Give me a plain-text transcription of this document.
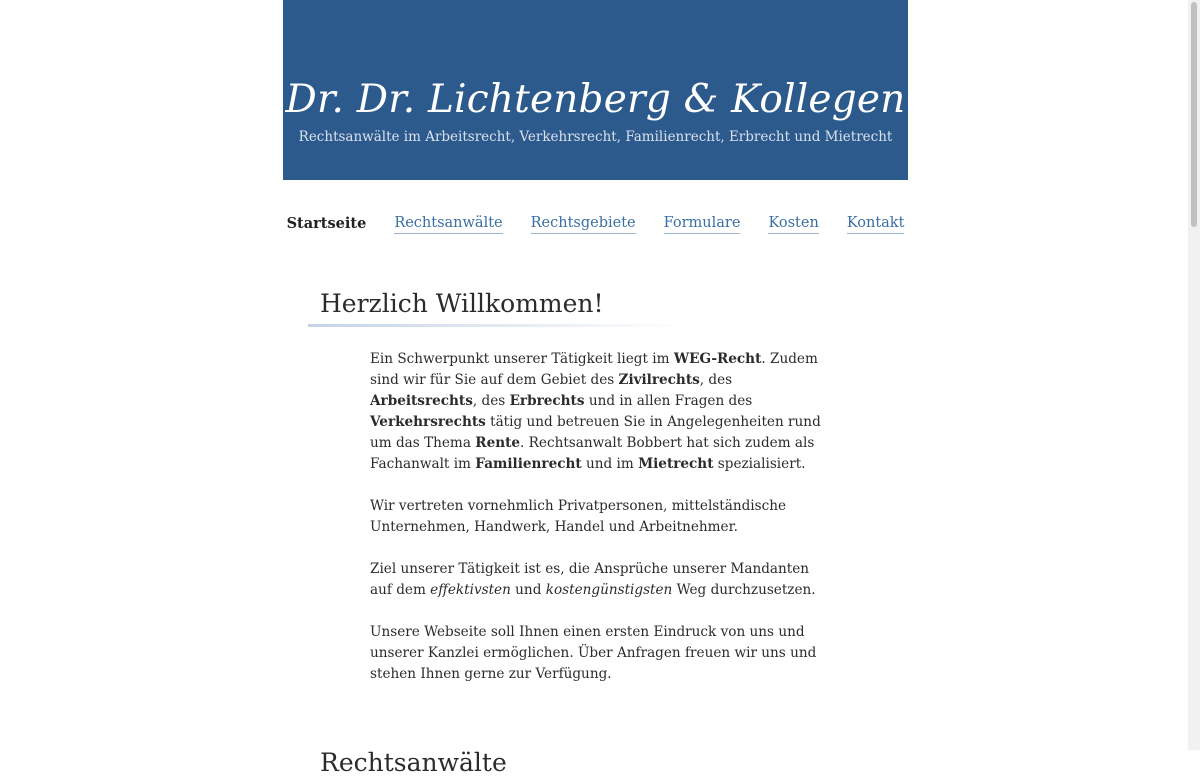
Dr. Dr. Lichtenberg & Kollegen
Rechtsanwälte im Arbeitsrecht, Verkehrsrecht, Familienrecht, Erbrecht und Mietrecht
Startseite Rechtsanwälte Rechtsgebiete Formulare Kosten Kontakt
Herzlich Willkommen!

Ein Schwerpunkt unserer Tätigkeit liegt im WEG-Recht. Zudem sind wir für Sie auf dem Gebiet des Zivilrechts, des Arbeitsrechts, des Erbrechts und in allen Fragen des Verkehrsrechts tätig und betreuen Sie in Angelegenheiten rund um das Thema Rente. Rechtsanwalt Bobbert hat sich zudem als Fachanwalt im Familienrecht und im Mietrecht spezialisiert.

Wir vertreten vornehmlich Privatpersonen, mittelständische Unternehmen, Handwerk, Handel und Arbeitnehmer.

Ziel unserer Tätigkeit ist es, die Ansprüche unserer Mandanten auf dem effektivsten und kostengünstigsten Weg durchzusetzen.

Unsere Webseite soll Ihnen einen ersten Eindruck von uns und unserer Kanzlei ermöglichen. Über Anfragen freuen wir uns und stehen Ihnen gerne zur Verfügung.

Rechtsanwälte
